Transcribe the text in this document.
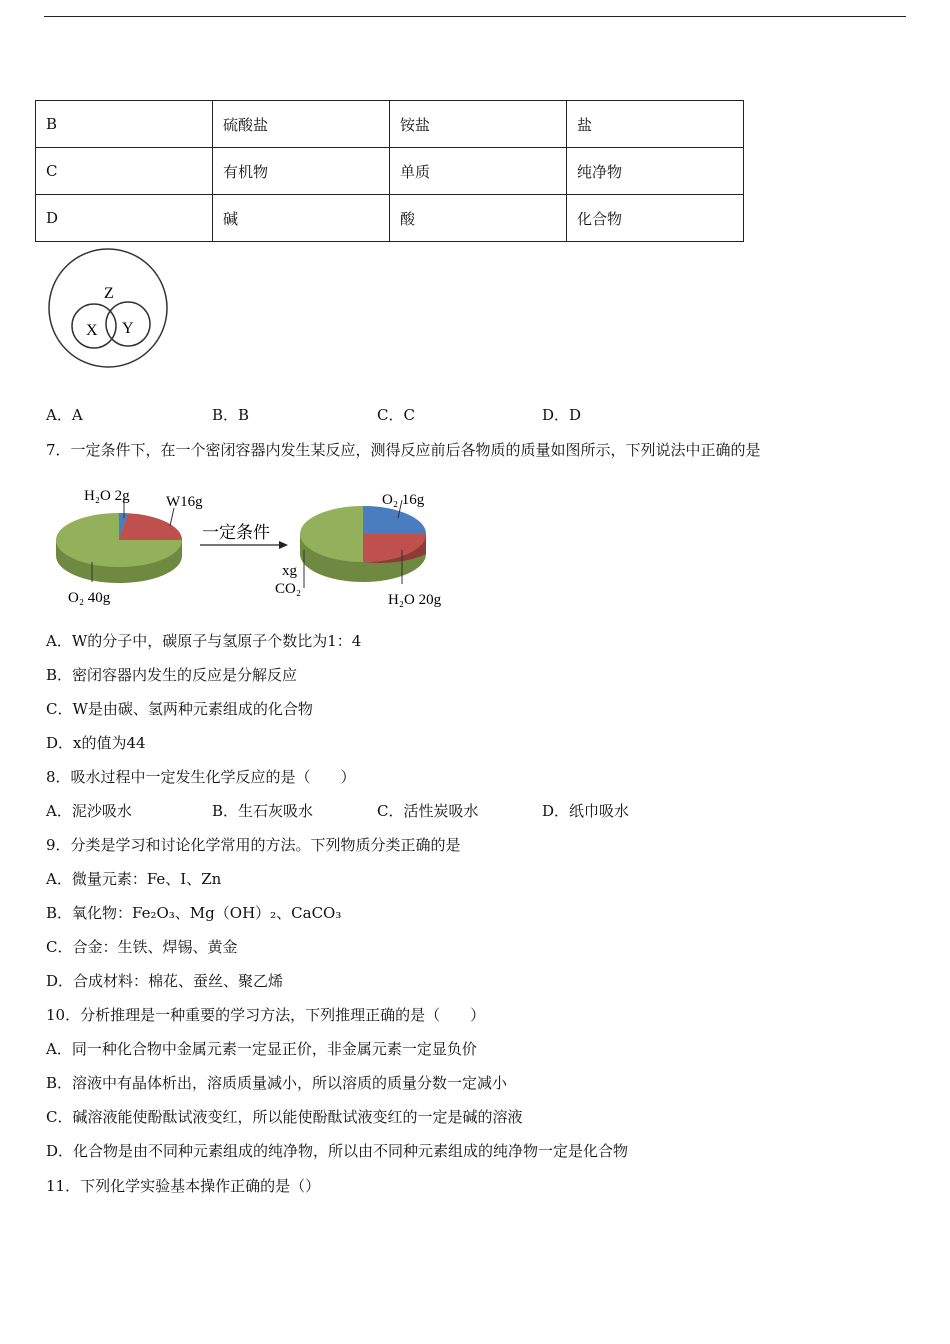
B	硫酸盐	铵盐	盐
C	有机物	单质	纯净物
D	碱	酸	化合物
Z
X Y
A．A	B．B	C．C	D．D
7．一定条件下，在一个密闭容器内发生某反应，测得反应前后各物质的质量如图所示，下列说法中正确的是
H₂O 2g W16g
O₂ 40g
一定条件
O₂ 16g
xg
CO₂
H₂O 20g
A．W的分子中，碳原子与氢原子个数比为1：4
B．密闭容器内发生的反应是分解反应
C．W是由碳、氢两种元素组成的化合物
D．x的值为44
8．吸水过程中一定发生化学反应的是（　　）
A．泥沙吸水	B．生石灰吸水	C．活性炭吸水	D．纸巾吸水
9．分类是学习和讨论化学常用的方法。下列物质分类正确的是
A．微量元素：Fe、I、Zn
B．氧化物：Fe₂O₃、Mg（OH）₂、CaCO₃
C．合金：生铁、焊锡、黄金
D．合成材料：棉花、蚕丝、聚乙烯
10．分析推理是一种重要的学习方法，下列推理正确的是（　　）
A．同一种化合物中金属元素一定显正价，非金属元素一定显负价
B．溶液中有晶体析出，溶质质量减小，所以溶质的质量分数一定减小
C．碱溶液能使酚酞试液变红，所以能使酚酞试液变红的一定是碱的溶液
D．化合物是由不同种元素组成的纯净物，所以由不同种元素组成的纯净物一定是化合物
11．下列化学实验基本操作正确的是（）
